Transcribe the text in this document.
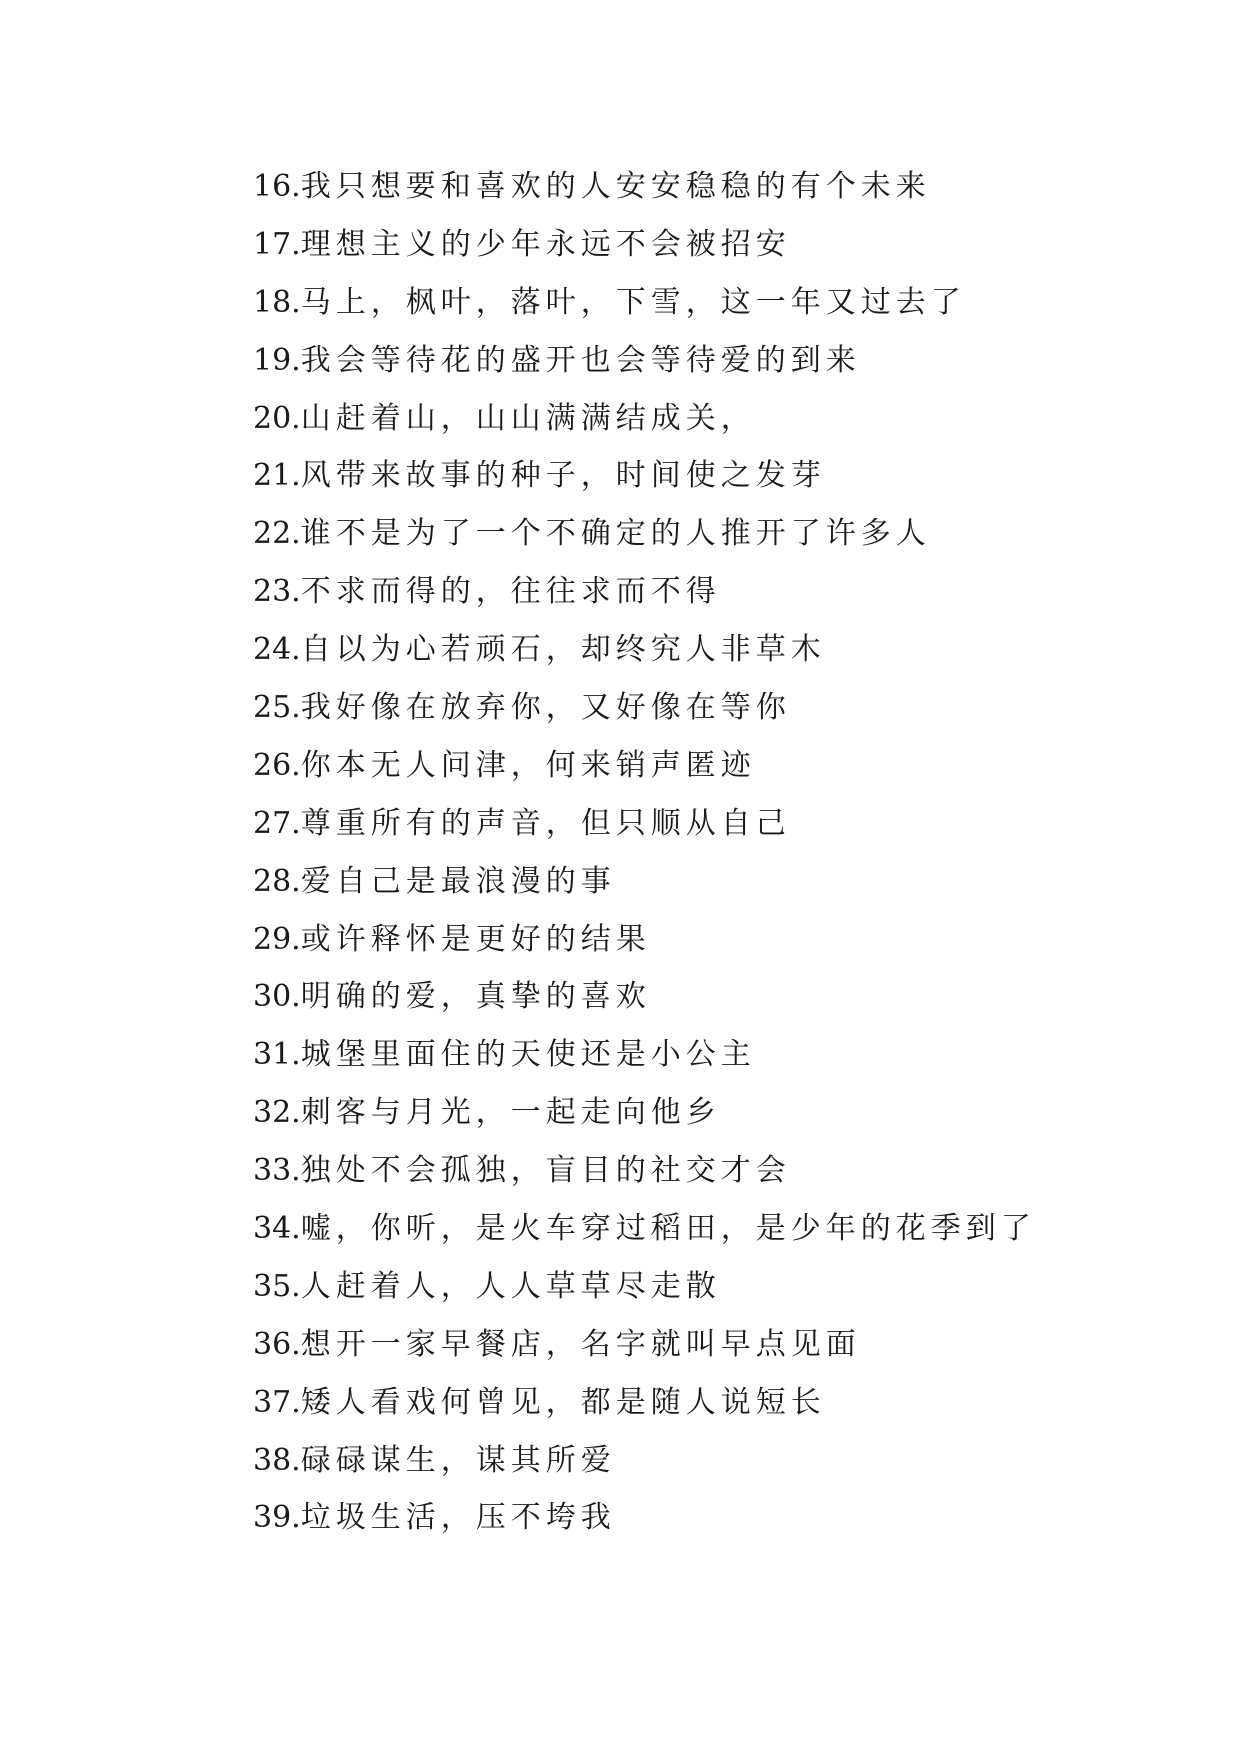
16.我只想要和喜欢的人安安稳稳的有个未来
17.理想主义的少年永远不会被招安
18.马上，枫叶，落叶，下雪，这一年又过去了
19.我会等待花的盛开也会等待爱的到来
20.山赶着山，山山满满结成关，
21.风带来故事的种子，时间使之发芽
22.谁不是为了一个不确定的人推开了许多人
23.不求而得的，往往求而不得
24.自以为心若顽石，却终究人非草木
25.我好像在放弃你，又好像在等你
26.你本无人问津，何来销声匿迹
27.尊重所有的声音，但只顺从自己
28.爱自己是最浪漫的事
29.或许释怀是更好的结果
30.明确的爱，真挚的喜欢
31.城堡里面住的天使还是小公主
32.刺客与月光，一起走向他乡
33.独处不会孤独，盲目的社交才会
34.嘘，你听，是火车穿过稻田，是少年的花季到了
35.人赶着人，人人草草尽走散
36.想开一家早餐店，名字就叫早点见面
37.矮人看戏何曾见，都是随人说短长
38.碌碌谋生，谋其所爱
39.垃圾生活，压不垮我
